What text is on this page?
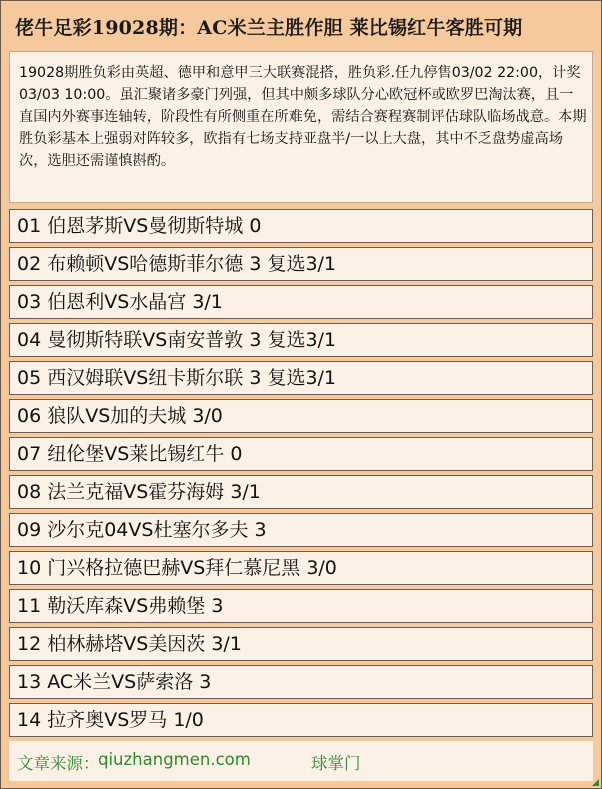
佬牛足彩19028期：AC米兰主胜作胆 莱比锡红牛客胜可期

19028期胜负彩由英超、德甲和意甲三大联赛混搭，胜负彩.任九停售03/02 22:00，计奖03/03 10:00。虽汇聚诸多豪门列强，但其中颇多球队分心欧冠杯或欧罗巴淘汰赛，且一直国内外赛事连轴转，阶段性有所侧重在所难免，需结合赛程赛制评估球队临场战意。本期胜负彩基本上强弱对阵较多，欧指有七场支持亚盘半/一以上大盘，其中不乏盘势虚高场次，选胆还需谨慎斟酌。

01 伯恩茅斯VS曼彻斯特城 0
02 布赖顿VS哈德斯菲尔德 3 复选3/1
03 伯恩利VS水晶宫 3/1
04 曼彻斯特联VS南安普敦 3 复选3/1
05 西汉姆联VS纽卡斯尔联 3 复选3/1
06 狼队VS加的夫城 3/0
07 纽伦堡VS莱比锡红牛 0
08 法兰克福VS霍芬海姆 3/1
09 沙尔克04VS杜塞尔多夫 3
10 门兴格拉德巴赫VS拜仁慕尼黑 3/0
11 勒沃库森VS弗赖堡 3
12 柏林赫塔VS美因茨 3/1
13 AC米兰VS萨索洛 3
14 拉齐奥VS罗马 1/0
文章来源：
qiuzhangmen.com	球掌门
